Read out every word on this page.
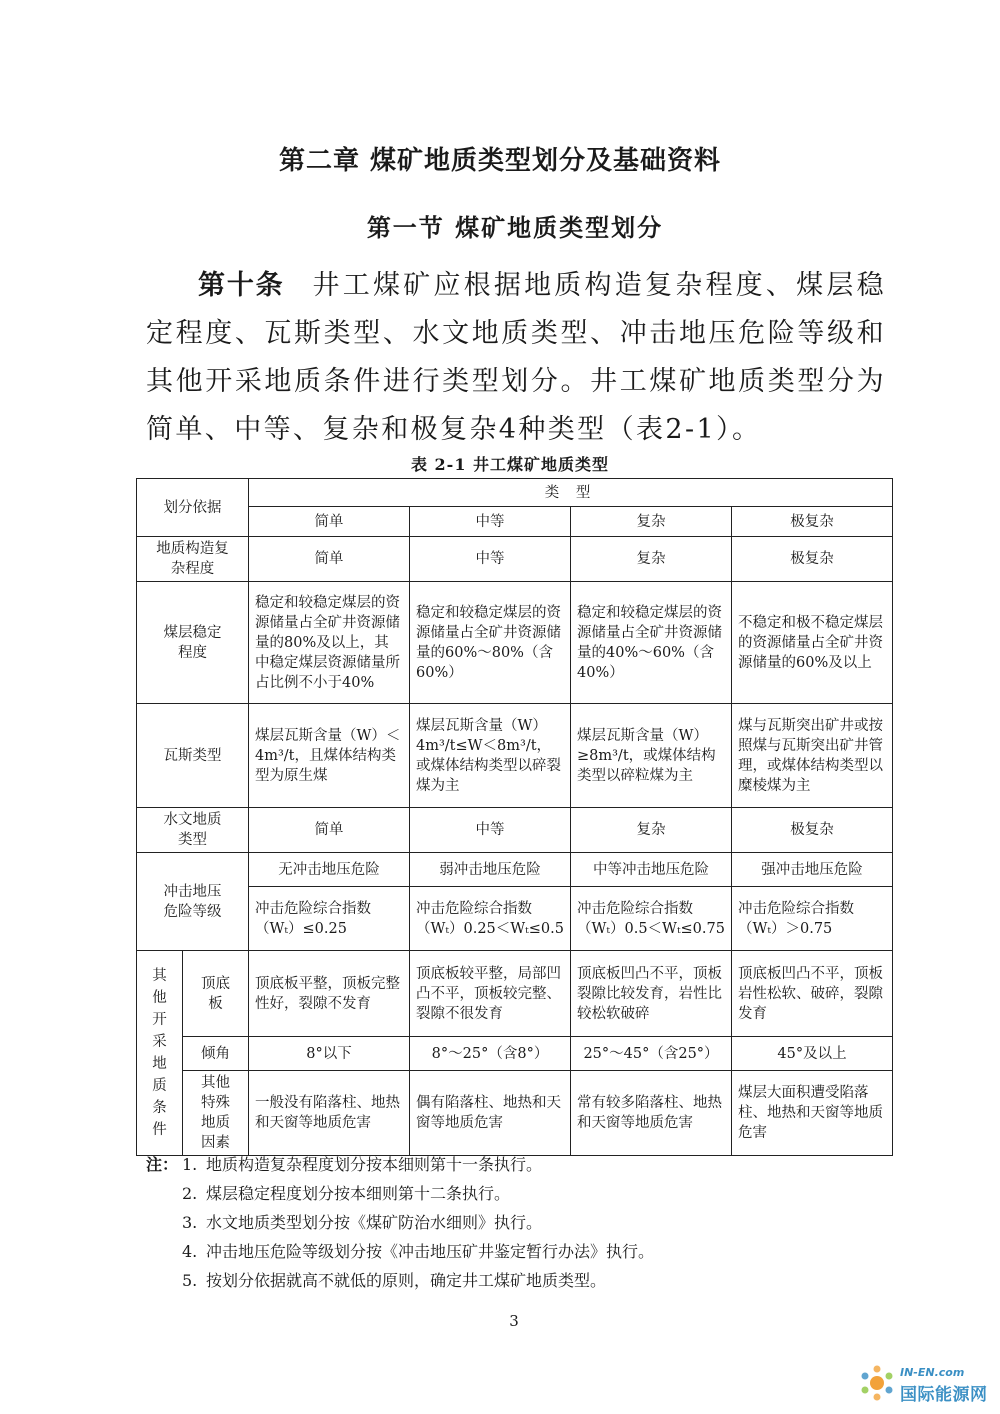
第二章 煤矿地质类型划分及基础资料
第一节 煤矿地质类型划分

第十条 井工煤矿应根据地质构造复杂程度、煤层稳定程度、瓦斯类型、水文地质类型、冲击地压危险等级和其他开采地质条件进行类型划分。井工煤矿地质类型分为简单、中等、复杂和极复杂4种类型（表2-1）。

表 2-1 井工煤矿地质类型

划分依据		类 型			
		简单	中等	复杂	极复杂
地质构造复杂程度		简单	中等	复杂	极复杂
煤层稳定程度		稳定和较稳定煤层的资源储量占全矿井资源储量的80%及以上，其中稳定煤层资源储量所占比例不小于40%	稳定和较稳定煤层的资源储量占全矿井资源储量的60%～80%（含60%）	稳定和较稳定煤层的资源储量占全矿井资源储量的40%～60%（含40%）	不稳定和极不稳定煤层的资源储量占全矿井资源储量的60%及以上
瓦斯类型		煤层瓦斯含量（W）＜4m³/t，且煤体结构类型为原生煤	煤层瓦斯含量（W）4m³/t≤W＜8m³/t，或煤体结构类型以碎裂煤为主	煤层瓦斯含量（W）≥8m³/t，或煤体结构类型以碎粒煤为主	煤与瓦斯突出矿井或按照煤与瓦斯突出矿井管理，或煤体结构类型以糜棱煤为主
水文地质类型		简单	中等	复杂	极复杂
冲击地压危险等级		无冲击地压危险	弱冲击地压危险	中等冲击地压危险	强冲击地压危险
		冲击危险综合指数（Wₜ）≤0.25	冲击危险综合指数（Wₜ）0.25＜Wₜ≤0.5	冲击危险综合指数（Wₜ）0.5＜Wₜ≤0.75	冲击危险综合指数（Wₜ）＞0.75
其他开采地质条件	顶底板	顶底板平整，顶板完整性好，裂隙不发育	顶底板较平整，局部凹凸不平，顶板较完整、裂隙不很发育	顶底板凹凸不平，顶板裂隙比较发育，岩性比较松软破碎	顶底板凹凸不平，顶板岩性松软、破碎，裂隙发育
	倾角	8°以下	8°～25°（含8°）	25°～45°（含25°）	45°及以上
	其他特殊地质因素	一般没有陷落柱、地热和天窗等地质危害	偶有陷落柱、地热和天窗等地质危害	常有较多陷落柱、地热和天窗等地质危害	煤层大面积遭受陷落柱、地热和天窗等地质危害
注： 1. 地质构造复杂程度划分按本细则第十一条执行。
2. 煤层稳定程度划分按本细则第十二条执行。
3. 水文地质类型划分按《煤矿防治水细则》执行。
4. 冲击地压危险等级划分按《冲击地压矿井鉴定暂行办法》执行。
5. 按划分依据就高不就低的原则，确定井工煤矿地质类型。

3

IN-EN.com
国际能源网
